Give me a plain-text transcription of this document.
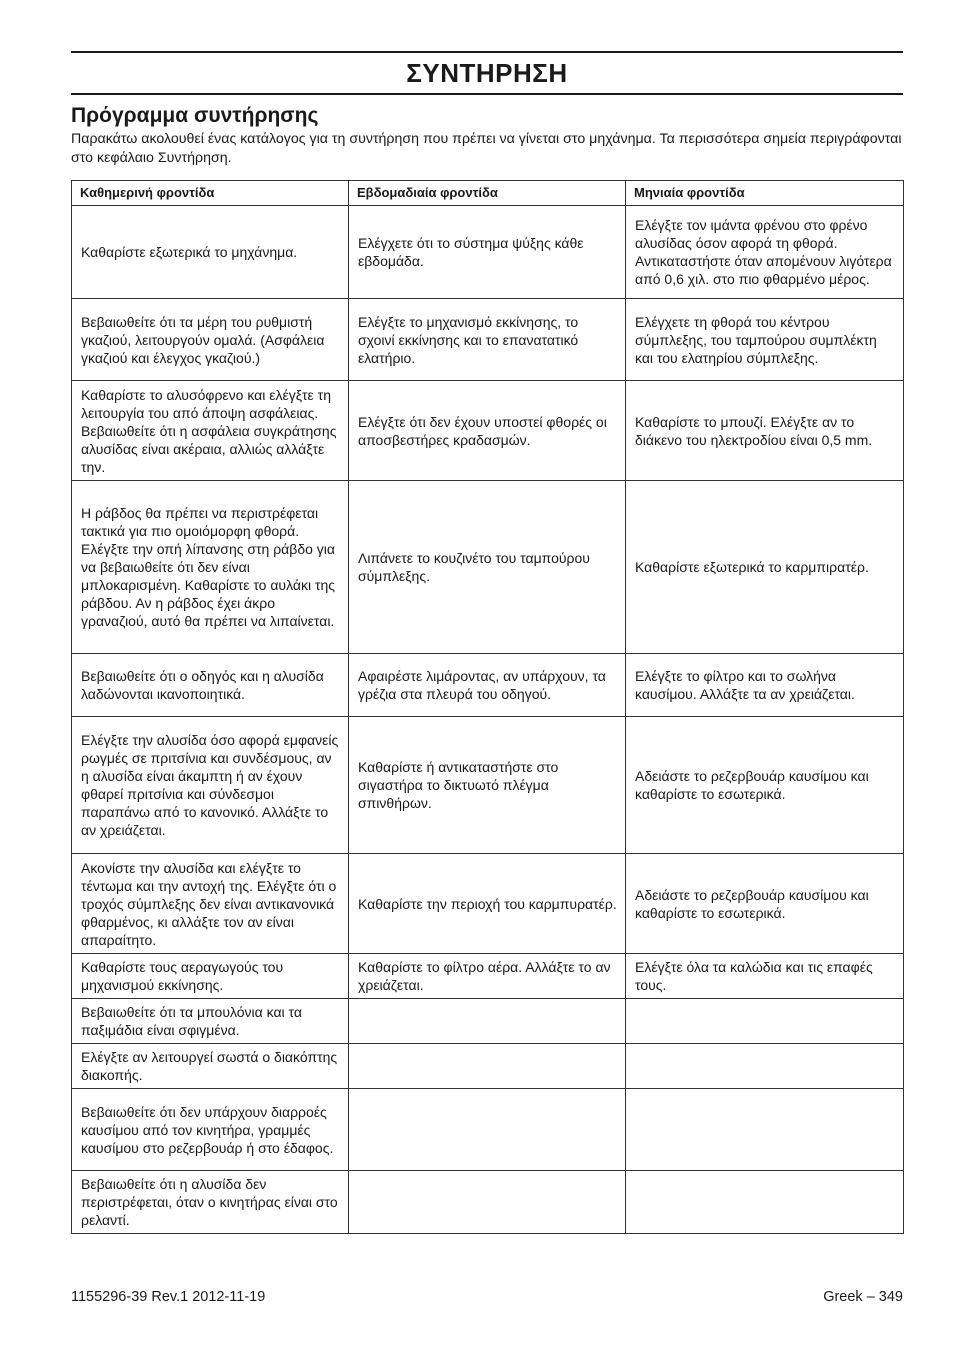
ΣΥΝΤΗΡΗΣΗ
Πρόγραμμα συντήρησης
Παρακάτω ακολουθεί ένας κατάλογος για τη συντήρηση που πρέπει να γίνεται στο μηχάνημα. Τα περισσότερα σημεία περιγράφονται στο κεφάλαιο Συντήρηση.
Καθημερινή φροντίδα	Εβδομαδιαία φροντίδα	Μηνιαία φροντίδα
Καθαρίστε εξωτερικά το μηχάνημα.	Ελέγχετε ότι το σύστημα ψύξης κάθε εβδομάδα.	Ελέγξτε τον ιμάντα φρένου στο φρένο αλυσίδας όσον αφορά τη φθορά. Αντικαταστήστε όταν απομένουν λιγότερα από 0,6 χιλ. στο πιο φθαρμένο μέρος.
Βεβαιωθείτε ότι τα μέρη του ρυθμιστή γκαζιού, λειτουργούν ομαλά. (Ασφάλεια γκαζιού και έλεγχος γκαζιού.)	Ελέγξτε το μηχανισμό εκκίνησης, το σχοινί εκκίνησης και το επανατατικό ελατήριο.	Ελέγχετε τη φθορά του κέντρου σύμπλεξης, του ταμπούρου συμπλέκτη και του ελατηρίου σύμπλεξης.
Καθαρίστε το αλυσόφρενο και ελέγξτε τη λειτουργία του από άποψη ασφάλειας. Βεβαιωθείτε ότι η ασφάλεια συγκράτησης αλυσίδας είναι ακέραια, αλλιώς αλλάξτε την.	Ελέγξτε ότι δεν έχουν υποστεί φθορές οι αποσβεστήρες κραδασμών.	Καθαρίστε το μπουζί. Ελέγξτε αν το διάκενο του ηλεκτροδίου είναι 0,5 mm.
Η ράβδος θα πρέπει να περιστρέφεται τακτικά για πιο ομοιόμορφη φθορά. Ελέγξτε την οπή λίπανσης στη ράβδο για να βεβαιωθείτε ότι δεν είναι μπλοκαρισμένη. Καθαρίστε το αυλάκι της ράβδου. Αν η ράβδος έχει άκρο γραναζιού, αυτό θα πρέπει να λιπαίνεται.	Λιπάνετε το κουζινέτο του ταμπούρου σύμπλεξης.	Καθαρίστε εξωτερικά το καρμπιρατέρ.
Βεβαιωθείτε ότι ο οδηγός και η αλυσίδα λαδώνονται ικανοποιητικά.	Αφαιρέστε λιμάροντας, αν υπάρχουν, τα γρέζια στα πλευρά του οδηγού.	Ελέγξτε το φίλτρο και το σωλήνα καυσίμου. Αλλάξτε τα αν χρειάζεται.
Ελέγξτε την αλυσίδα όσο αφορά εμφανείς ρωγμές σε πριτσίνια και συνδέσμους, αν η αλυσίδα είναι άκαμπτη ή αν έχουν φθαρεί πριτσίνια και σύνδεσμοι παραπάνω από το κανονικό. Αλλάξτε το αν χρειάζεται.	Καθαρίστε ή αντικαταστήστε στο σιγαστήρα το δικτυωτό πλέγμα σπινθήρων.	Αδειάστε το ρεζερβουάρ καυσίμου και καθαρίστε το εσωτερικά.
Ακονίστε την αλυσίδα και ελέγξτε το τέντωμα και την αντοχή της. Ελέγξτε ότι ο τροχός σύμπλεξης δεν είναι αντικανονικά φθαρμένος, κι αλλάξτε τον αν είναι απαραίτητο.	Καθαρίστε την περιοχή του καρμπυρατέρ.	Αδειάστε το ρεζερβουάρ καυσίμου και καθαρίστε το εσωτερικά.
Καθαρίστε τους αεραγωγούς του μηχανισμού εκκίνησης.	Καθαρίστε το φίλτρο αέρα. Αλλάξτε το αν χρειάζεται.	Ελέγξτε όλα τα καλώδια και τις επαφές τους.
Βεβαιωθείτε ότι τα μπουλόνια και τα παξιμάδια είναι σφιγμένα.		
Ελέγξτε αν λειτουργεί σωστά ο διακόπτης διακοπής.		
Βεβαιωθείτε ότι δεν υπάρχουν διαρροές καυσίμου από τον κινητήρα, γραμμές καυσίμου στο ρεζερβουάρ ή στο έδαφος.		
Βεβαιωθείτε ότι η αλυσίδα δεν περιστρέφεται, όταν ο κινητήρας είναι στο ρελαντί.		
1155296-39 Rev.1 2012-11-19	Greek – 349
